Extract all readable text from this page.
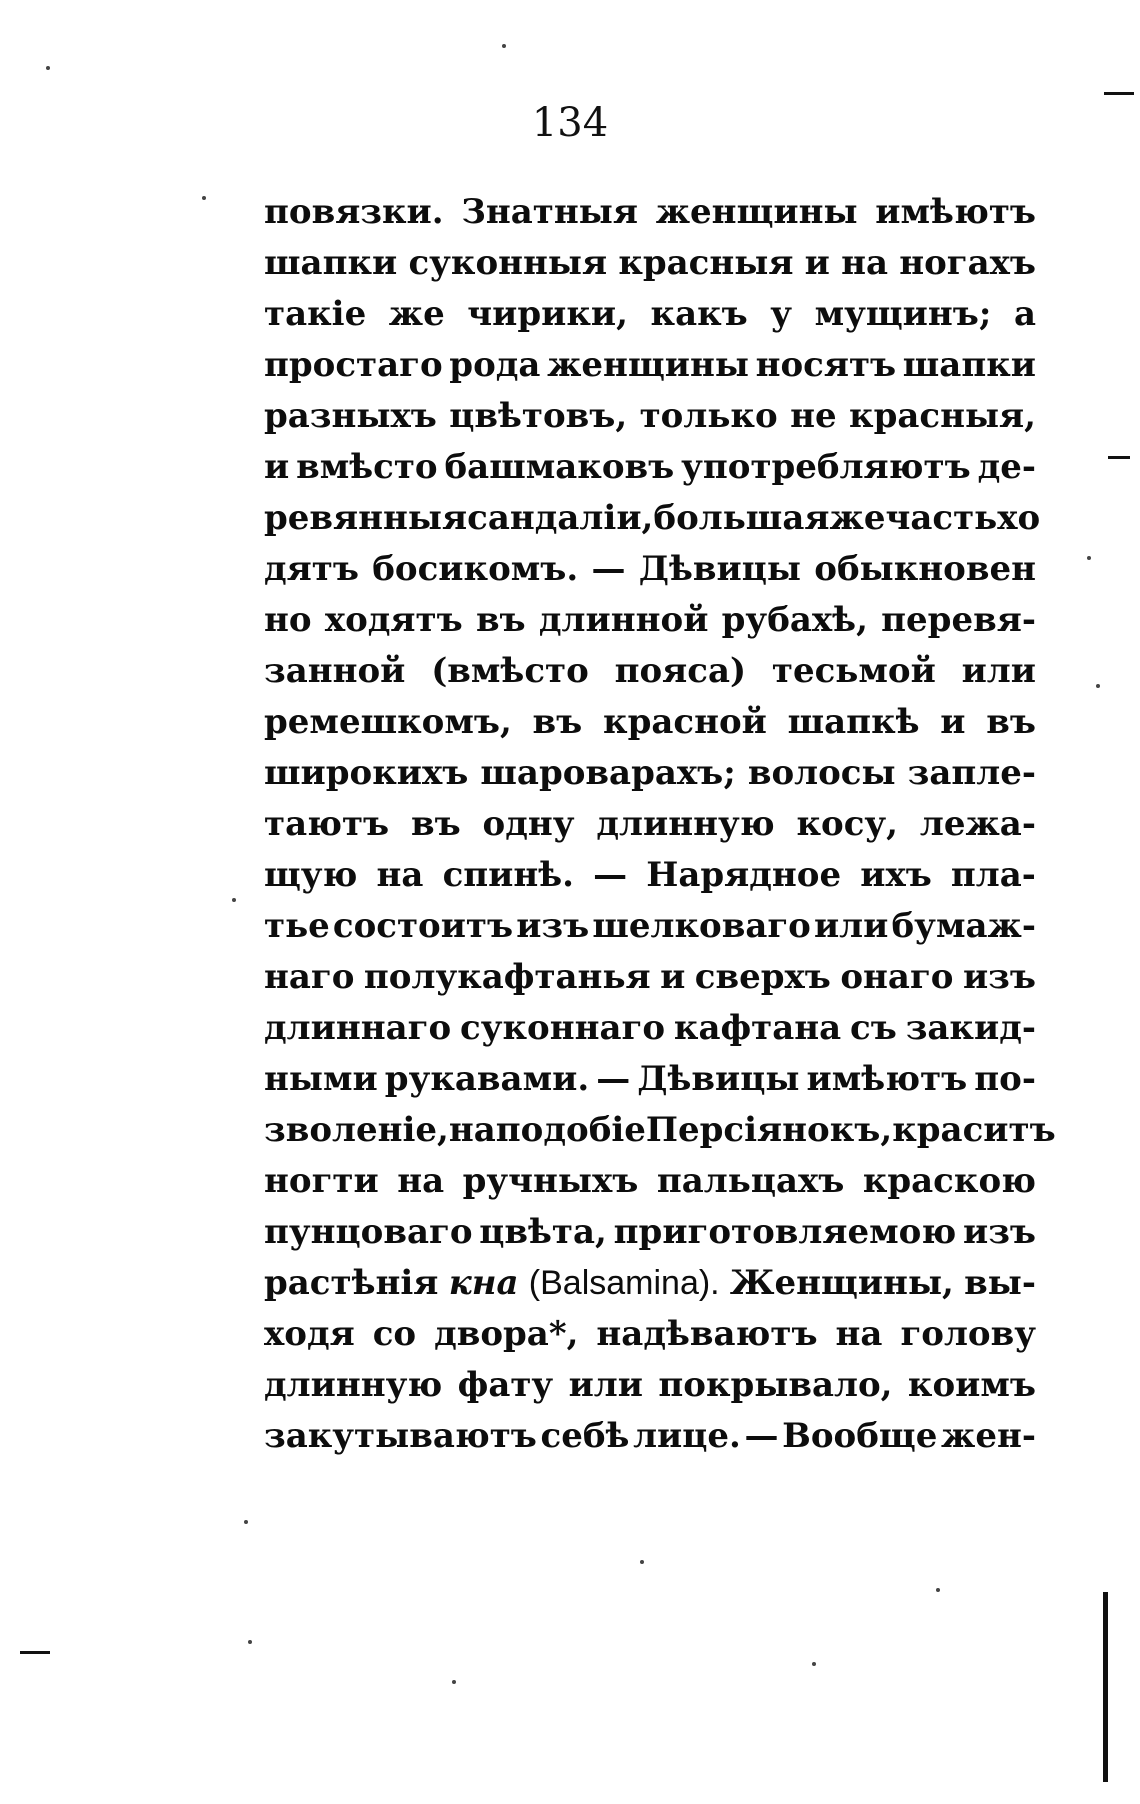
134
повязки. Знатныя женщины имѣютъ
шапки суконныя красныя и на ногахъ
такіе же чирики, какъ у мущинъ; а
простаго рода женщины носятъ шапки
разныхъ цвѣтовъ, только не красныя,
и вмѣсто башмаковъ употребляютъ де-
ревянныя сандаліи, большая же часть хо
дятъ босикомъ. — Дѣвицы обыкновен
но ходятъ въ длинной рубахѣ, перевя-
занной (вмѣсто пояса) тесьмой или
ремешкомъ, въ красной шапкѣ и въ
широкихъ шароварахъ; волосы запле-
таютъ въ одну длинную косу, лежа-
щую на спинѣ. — Нарядное ихъ пла-
тье состоитъ изъ шелковаго или бумаж-
наго полукафтанья и сверхъ онаго изъ
длиннаго суконнаго кафтана съ закид-
ными рукавами. — Дѣвицы имѣютъ по-
зволеніе, наподобіе Персіянокъ, краситъ
ногти на ручныхъ пальцахъ краскою
пунцоваго цвѣта, приготовляемою изъ
растѣнія кна (Balsamina). Женщины, вы-
ходя со двора*, надѣваютъ на голову
длинную фату или покрывало, коимъ
закутываютъ себѣ лице. — Вообще жен-
